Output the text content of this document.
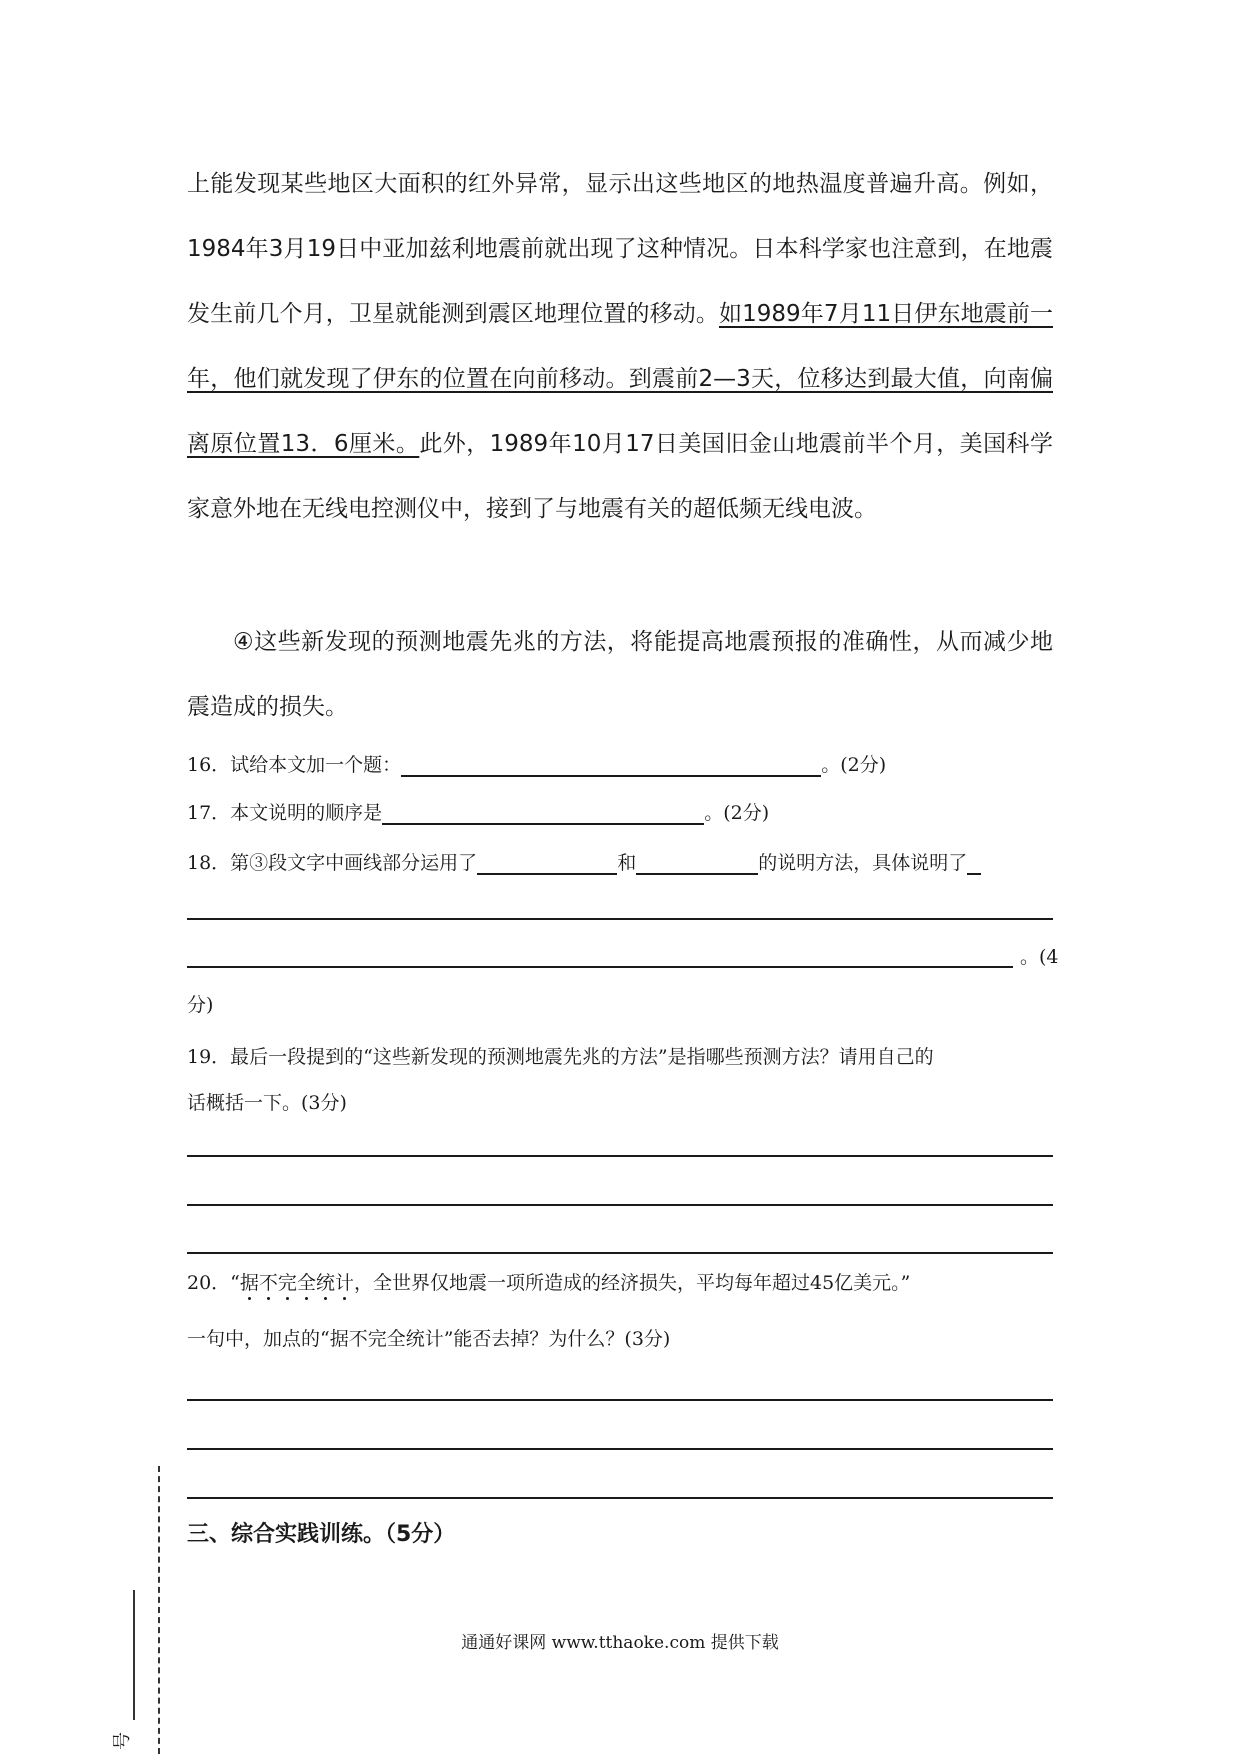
上能发现某些地区大面积的红外异常，显示出这些地区的地热温度普遍升高。例如，1984年3月19日中亚加兹利地震前就出现了这种情况。日本科学家也注意到，在地震发生前几个月，卫星就能测到震区地理位置的移动。如1989年7月11日伊东地震前一年，他们就发现了伊东的位置在向前移动。到震前2—3天，位移达到最大值，向南偏离原位置13．6厘米。此外，1989年10月17日美国旧金山地震前半个月，美国科学家意外地在无线电控测仪中，接到了与地震有关的超低频无线电波。
④这些新发现的预测地震先兆的方法，将能提高地震预报的准确性，从而减少地震造成的损失。
16．试给本文加一个题：	。(2分)
17．本文说明的顺序是	。(2分)
18．第③段文字中画线部分运用了	和	的说明方法，具体说明了
。(4
分)
19．最后一段提到的“这些新发现的预测地震先兆的方法”是指哪些预测方法？请用自己的
话概括一下。(3分)
20．“据不完全统计，全世界仅地震一项所造成的经济损失，平均每年超过45亿美元。”
一句中，加点的“据不完全统计”能否去掉？为什么？(3分)
三、综合实践训练。（5分）
通通好课网 www.tthaoke.com 提供下载
号
